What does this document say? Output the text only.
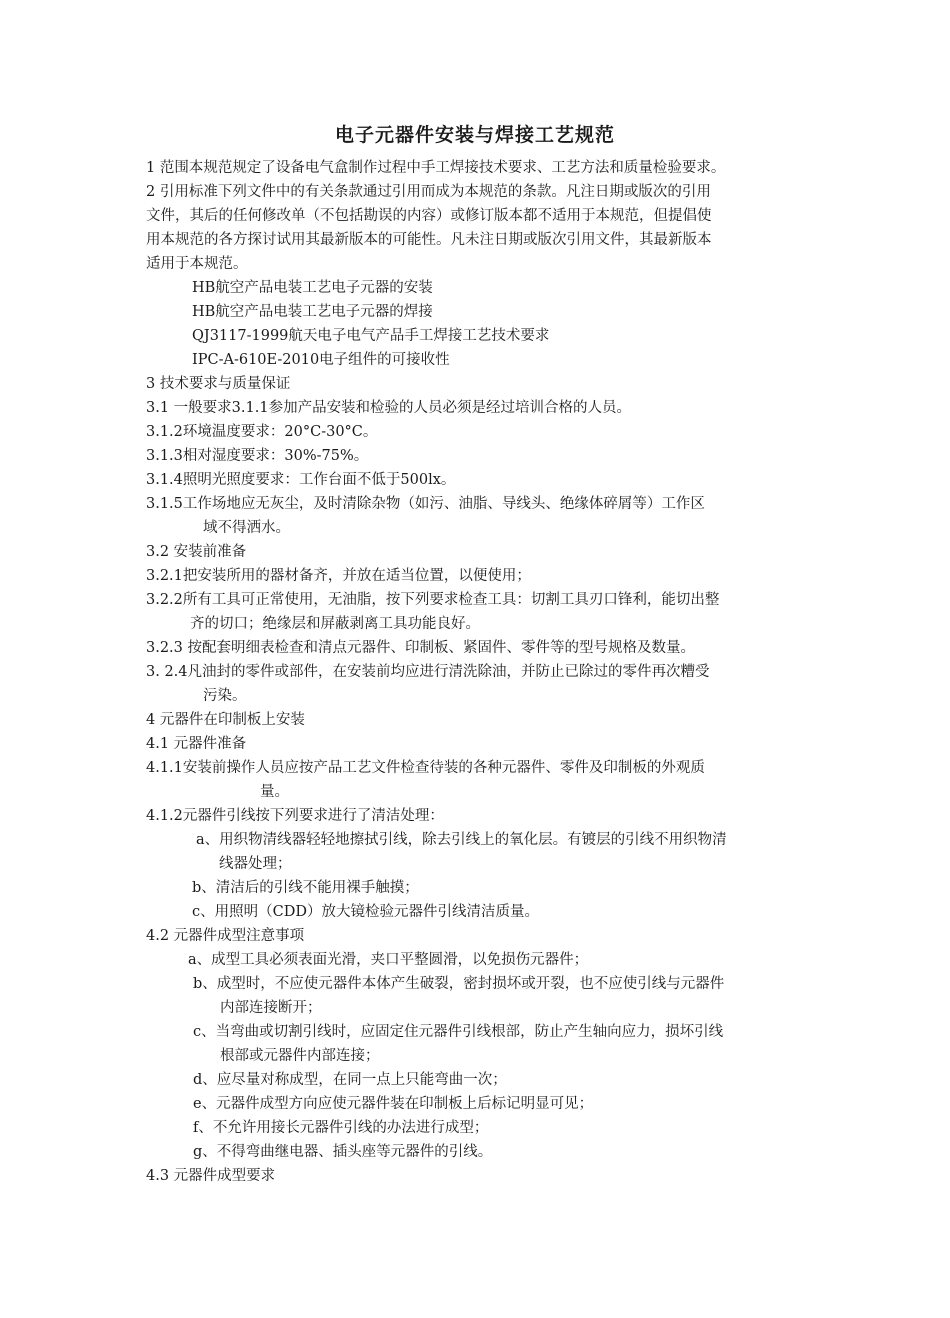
电子元器件安装与焊接工艺规范
1 范围本规范规定了设备电气盒制作过程中手工焊接技术要求、工艺方法和质量检验要求。
2 引用标准下列文件中的有关条款通过引用而成为本规范的条款。凡注日期或版次的引用
文件，其后的任何修改单（不包括勘误的内容）或修订版本都不适用于本规范，但提倡使
用本规范的各方探讨试用其最新版本的可能性。凡未注日期或版次引用文件，其最新版本
适用于本规范。
HB航空产品电装工艺电子元器的安装
HB航空产品电装工艺电子元器的焊接
QJ3117-1999航天电子电气产品手工焊接工艺技术要求
IPC-A-610E-2010电子组件的可接收性
3 技术要求与质量保证
3.1 一般要求3.1.1参加产品安装和检验的人员必须是经过培训合格的人员。
3.1.2环境温度要求：20°C-30°C。
3.1.3相对湿度要求：30%-75%。
3.1.4照明光照度要求：工作台面不低于500lx。
3.1.5工作场地应无灰尘，及时清除杂物（如污、油脂、导线头、绝缘体碎屑等）工作区
域不得洒水。
3.2 安装前准备
3.2.1把安装所用的器材备齐，并放在适当位置，以便使用；
3.2.2所有工具可正常使用，无油脂，按下列要求检查工具：切割工具刃口锋利，能切出整
齐的切口；绝缘层和屏蔽剥离工具功能良好。
3.2.3 按配套明细表检查和清点元器件、印制板、紧固件、零件等的型号规格及数量。
3. 2.4凡油封的零件或部件，在安装前均应进行清洗除油，并防止已除过的零件再次糟受
污染。
4 元器件在印制板上安装
4.1 元器件准备
4.1.1安装前操作人员应按产品工艺文件检查待装的各种元器件、零件及印制板的外观质
量。
4.1.2元器件引线按下列要求进行了清洁处理：
a、用织物清线器轻轻地擦拭引线，除去引线上的氧化层。有镀层的引线不用织物清
线器处理；
b、清洁后的引线不能用裸手触摸；
c、用照明（CDD）放大镜检验元器件引线清洁质量。
4.2 元器件成型注意事项
a、成型工具必须表面光滑，夹口平整圆滑，以免损伤元器件；
b、成型时，不应使元器件本体产生破裂，密封损坏或开裂，也不应使引线与元器件
内部连接断开；
c、当弯曲或切割引线时，应固定住元器件引线根部，防止产生轴向应力，损坏引线
根部或元器件内部连接；
d、应尽量对称成型，在同一点上只能弯曲一次；
e、元器件成型方向应使元器件装在印制板上后标记明显可见；
f、不允许用接长元器件引线的办法进行成型；
g、不得弯曲继电器、插头座等元器件的引线。
4.3 元器件成型要求
